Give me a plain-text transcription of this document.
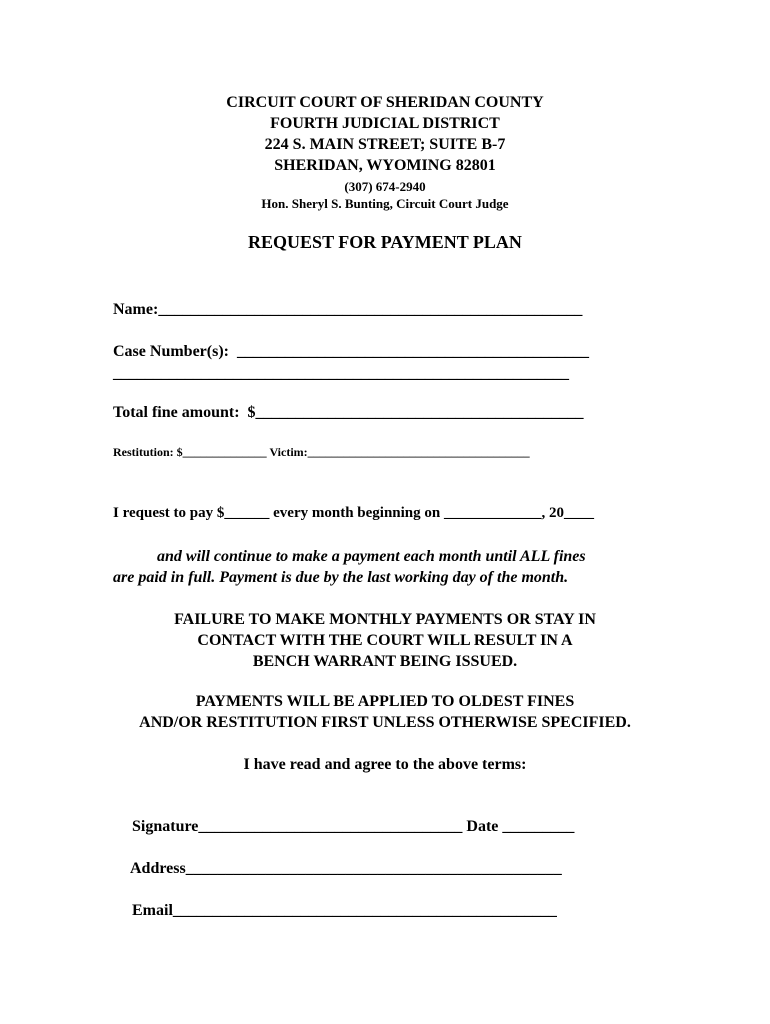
CIRCUIT COURT OF SHERIDAN COUNTY
FOURTH JUDICIAL DISTRICT
224 S. MAIN STREET; SUITE B-7
SHERIDAN, WYOMING 82801
(307) 674-2940
Hon. Sheryl S. Bunting, Circuit Court Judge
REQUEST FOR PAYMENT PLAN
Name:_____________________________________________________
Case Number(s):  ____________________________________________
_________________________________________________________
Total fine amount:  $_________________________________________
Restitution: $______________ Victim:_____________________________________
I request to pay $______ every month beginning on _____________, 20____
and will continue to make a payment each month until ALL fines
are paid in full. Payment is due by the last working day of the month.
FAILURE TO MAKE MONTHLY PAYMENTS OR STAY IN
CONTACT WITH THE COURT WILL RESULT IN A
BENCH WARRANT BEING ISSUED.
PAYMENTS WILL BE APPLIED TO OLDEST FINES
AND/OR RESTITUTION FIRST UNLESS OTHERWISE SPECIFIED.
I have read and agree to the above terms:
Signature_________________________________ Date _________
Address_______________________________________________
Email________________________________________________
